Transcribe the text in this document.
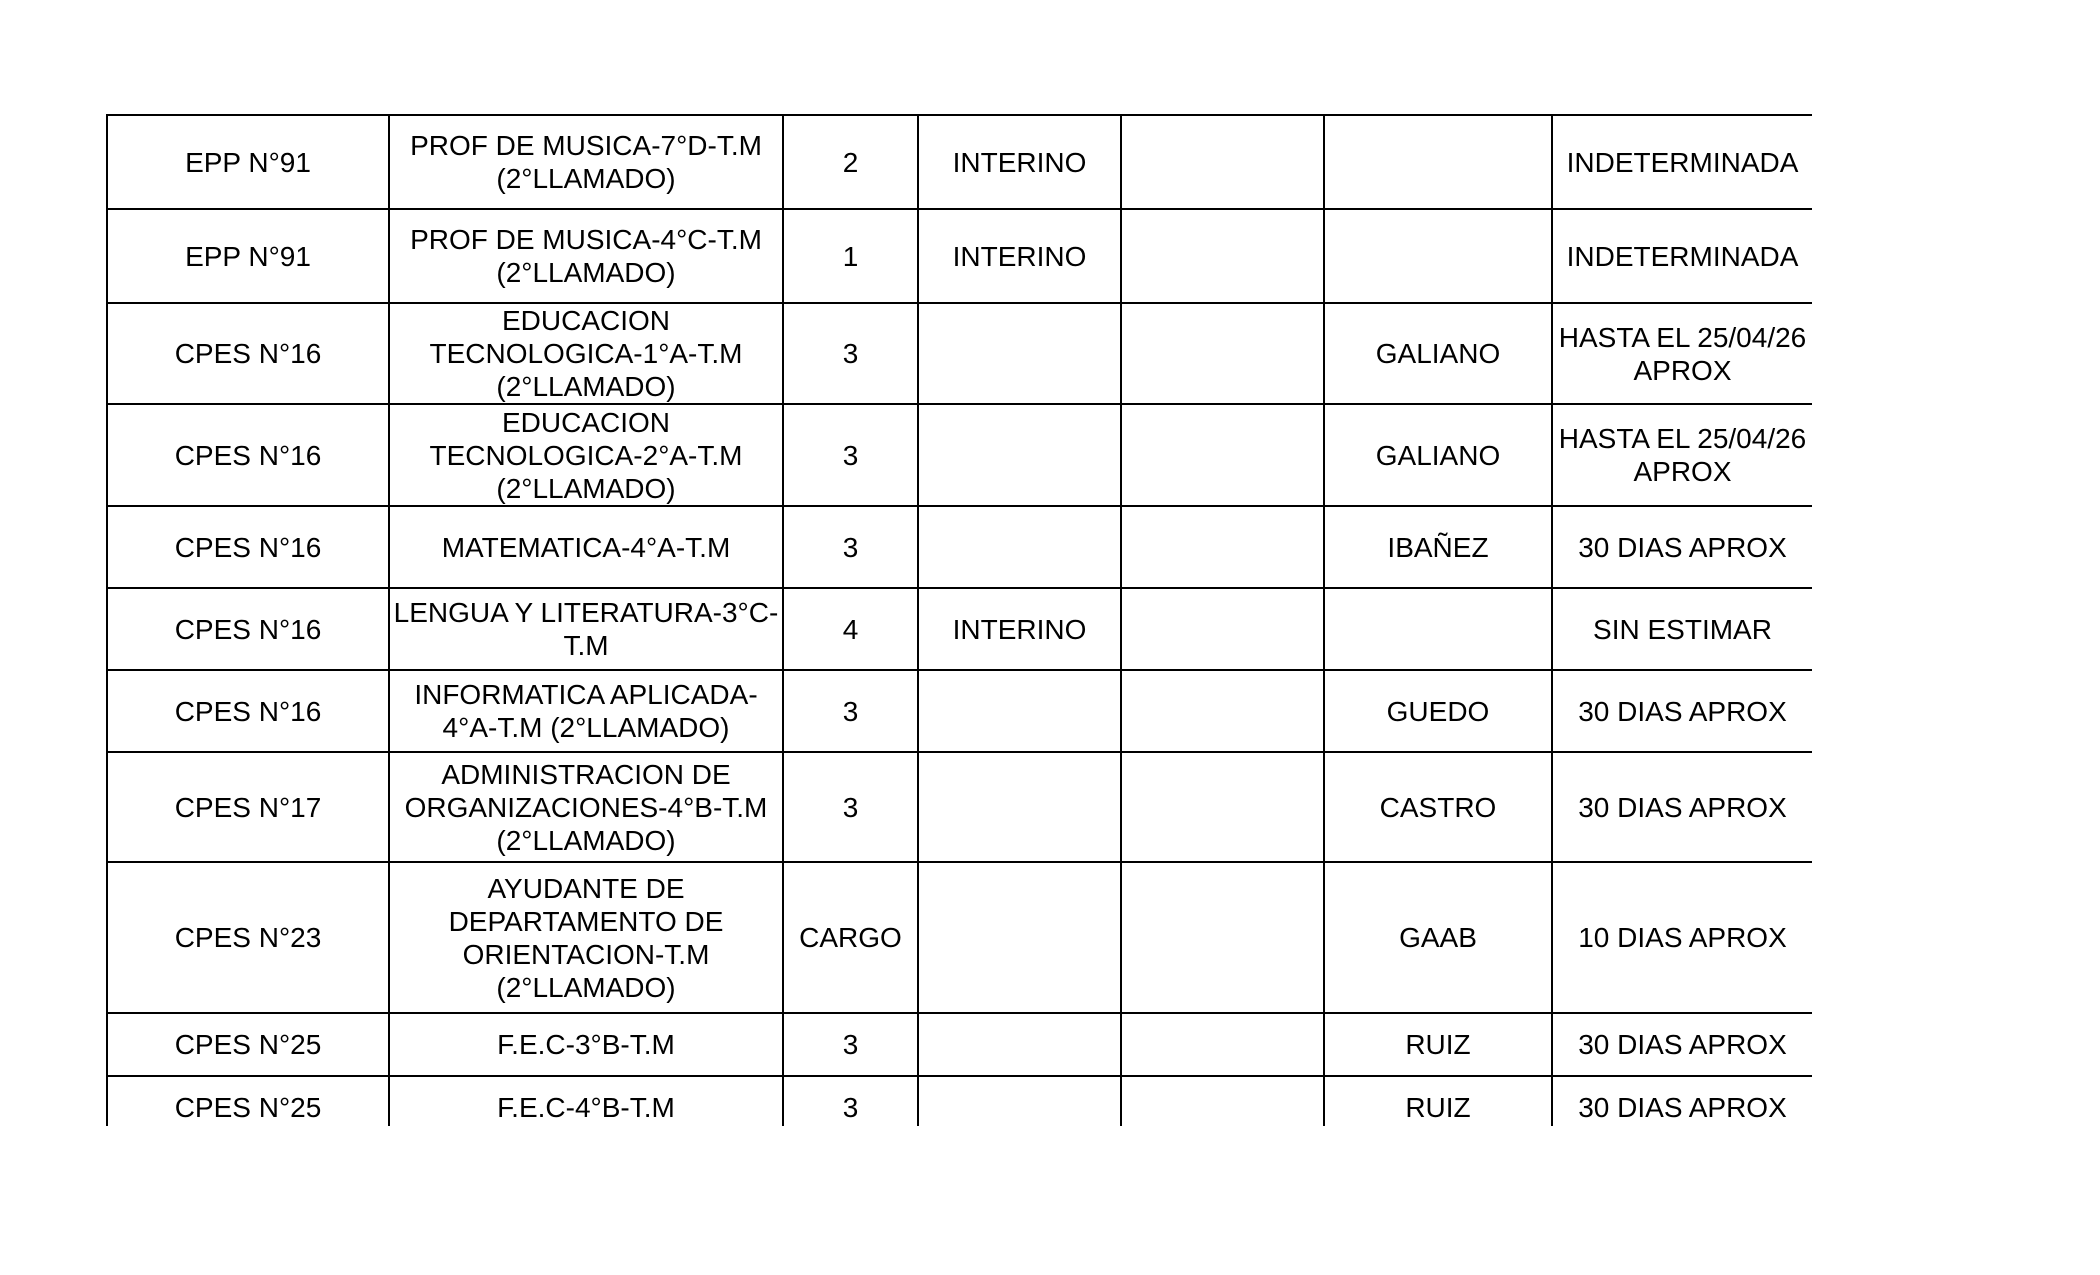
EPP N°91	PROF DE MUSICA-7°D-T.M (2°LLAMADO)	2	INTERINO			INDETERMINADA
EPP N°91	PROF DE MUSICA-4°C-T.M (2°LLAMADO)	1	INTERINO			INDETERMINADA
CPES N°16	EDUCACION TECNOLOGICA-1°A-T.M (2°LLAMADO)	3			GALIANO	HASTA EL 25/04/26 APROX
CPES N°16	EDUCACION TECNOLOGICA-2°A-T.M (2°LLAMADO)	3			GALIANO	HASTA EL 25/04/26 APROX
CPES N°16	MATEMATICA-4°A-T.M	3			IBAÑEZ	30 DIAS APROX
CPES N°16	LENGUA Y LITERATURA-3°C-T.M	4	INTERINO			SIN ESTIMAR
CPES N°16	INFORMATICA APLICADA-4°A-T.M (2°LLAMADO)	3			GUEDO	30 DIAS APROX
CPES N°17	ADMINISTRACION DE ORGANIZACIONES-4°B-T.M (2°LLAMADO)	3			CASTRO	30 DIAS APROX
CPES N°23	AYUDANTE DE DEPARTAMENTO DE ORIENTACION-T.M (2°LLAMADO)	CARGO			GAAB	10 DIAS APROX
CPES N°25	F.E.C-3°B-T.M	3			RUIZ	30 DIAS APROX
CPES N°25	F.E.C-4°B-T.M	3			RUIZ	30 DIAS APROX
